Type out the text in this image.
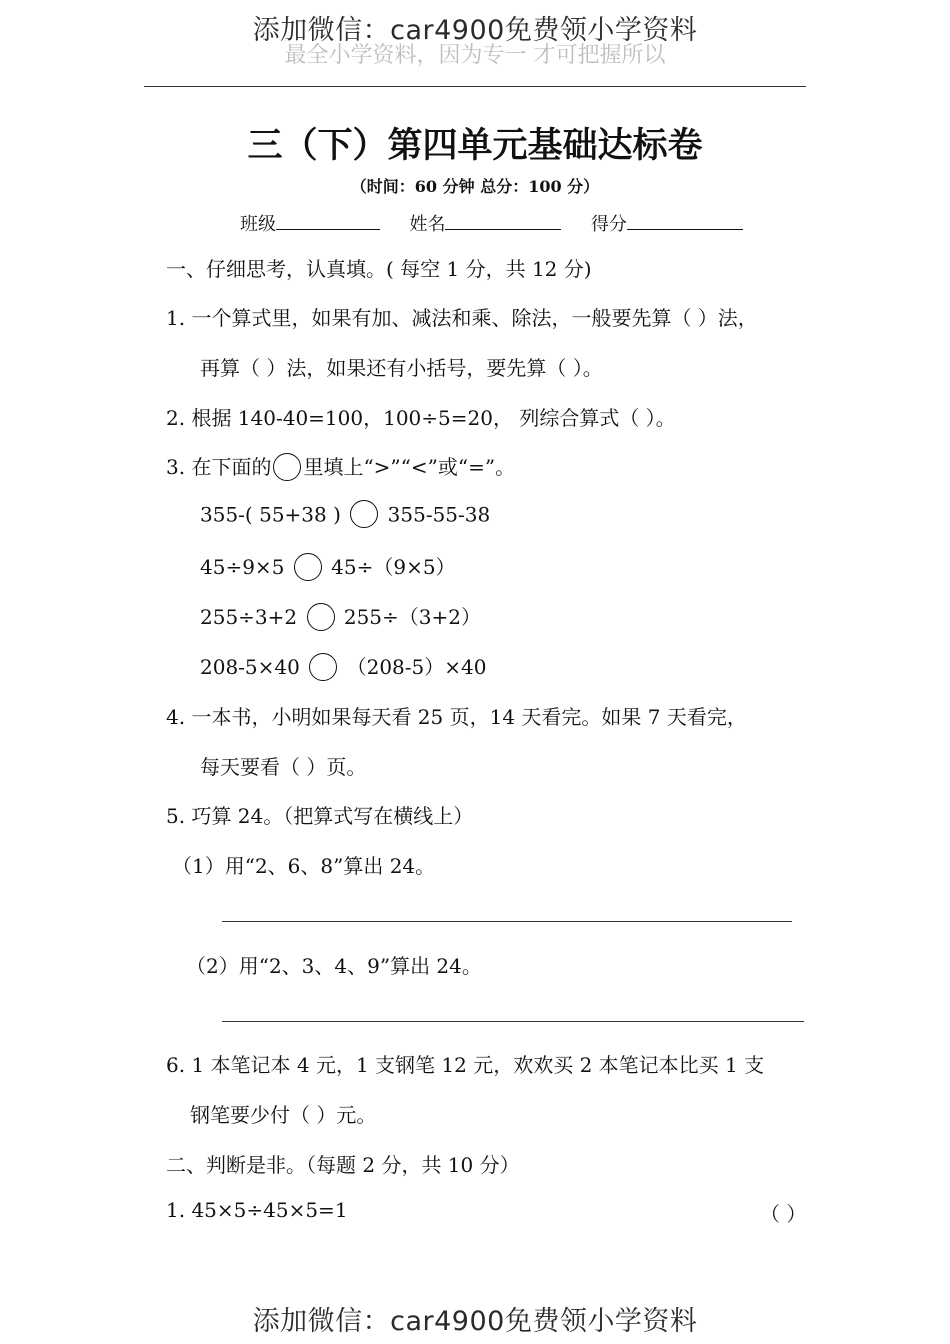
最全小学资料，因为专一 才可把握所以
添加微信：car4900免费领小学资料
三（下）第四单元基础达标卷
（时间：60 分钟 总分：100 分）
班级	姓名	得分
一、仔细思考，认真填。( 每空 1 分，共 12 分)
1. 一个算式里，如果有加、减法和乘、除法，一般要先算（ ）法，
再算（ ）法，如果还有小括号，要先算（ ）。
2. 根据 140-40=100，100÷5=20， 列综合算式（ ）。
3. 在下面的 里填上“>”“<”或“=”。
355-( 55+38 ) 355-55-38
45÷9×5 45÷（9×5）
255÷3+2 255÷（3+2）
208-5×40 （208-5）×40
4. 一本书，小明如果每天看 25 页，14 天看完。如果 7 天看完，
每天要看（ ）页。
5. 巧算 24。（把算式写在横线上）
（1）用“2、6、8”算出 24。
（2）用“2、3、4、9”算出 24。
6. 1 本笔记本 4 元，1 支钢笔 12 元，欢欢买 2 本笔记本比买 1 支
钢笔要少付（ ）元。
二、判断是非。（每题 2 分，共 10 分）
1. 45×5÷45×5=1	（ ）
添加微信：car4900免费领小学资料
